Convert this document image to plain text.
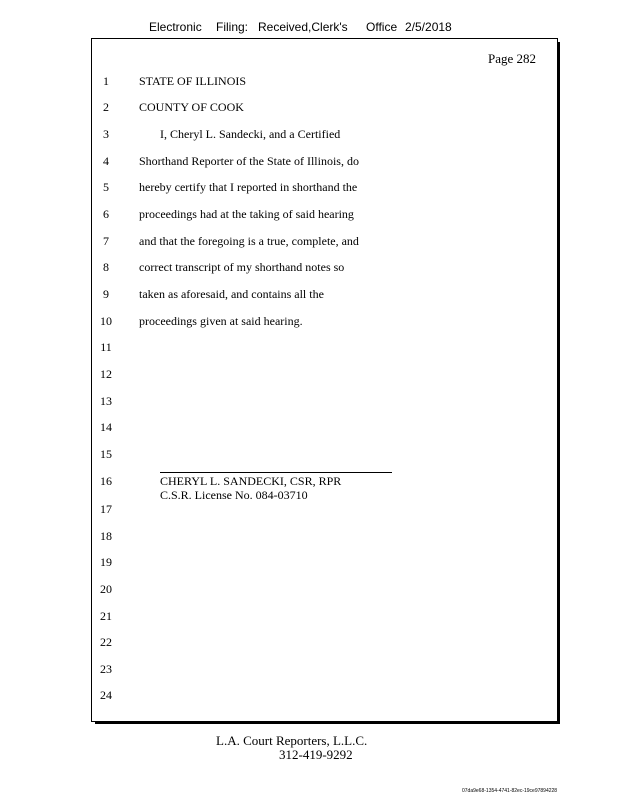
Electronic Filing: Received,Clerk's Office 2/5/2018
Page 282
1
2
3
4
5
6
7
8
9
10
11
12
13
14
15
16
17
18
19
20
21
22
23
24
STATE OF ILLINOIS
COUNTY OF COOK
I, Cheryl L. Sandecki, and a Certified
Shorthand Reporter of the State of Illinois, do
hereby certify that I reported in shorthand the
proceedings had at the taking of said hearing
and that the foregoing is a true, complete, and
correct transcript of my shorthand notes so
taken as aforesaid, and contains all the
proceedings given at said hearing.
CHERYL L. SANDECKI, CSR, RPR
C.S.R. License No. 084-03710
L.A. Court Reporters, L.L.C.
312-419-9292
07da9e68-1354-4741-82ec-19ce97894228
